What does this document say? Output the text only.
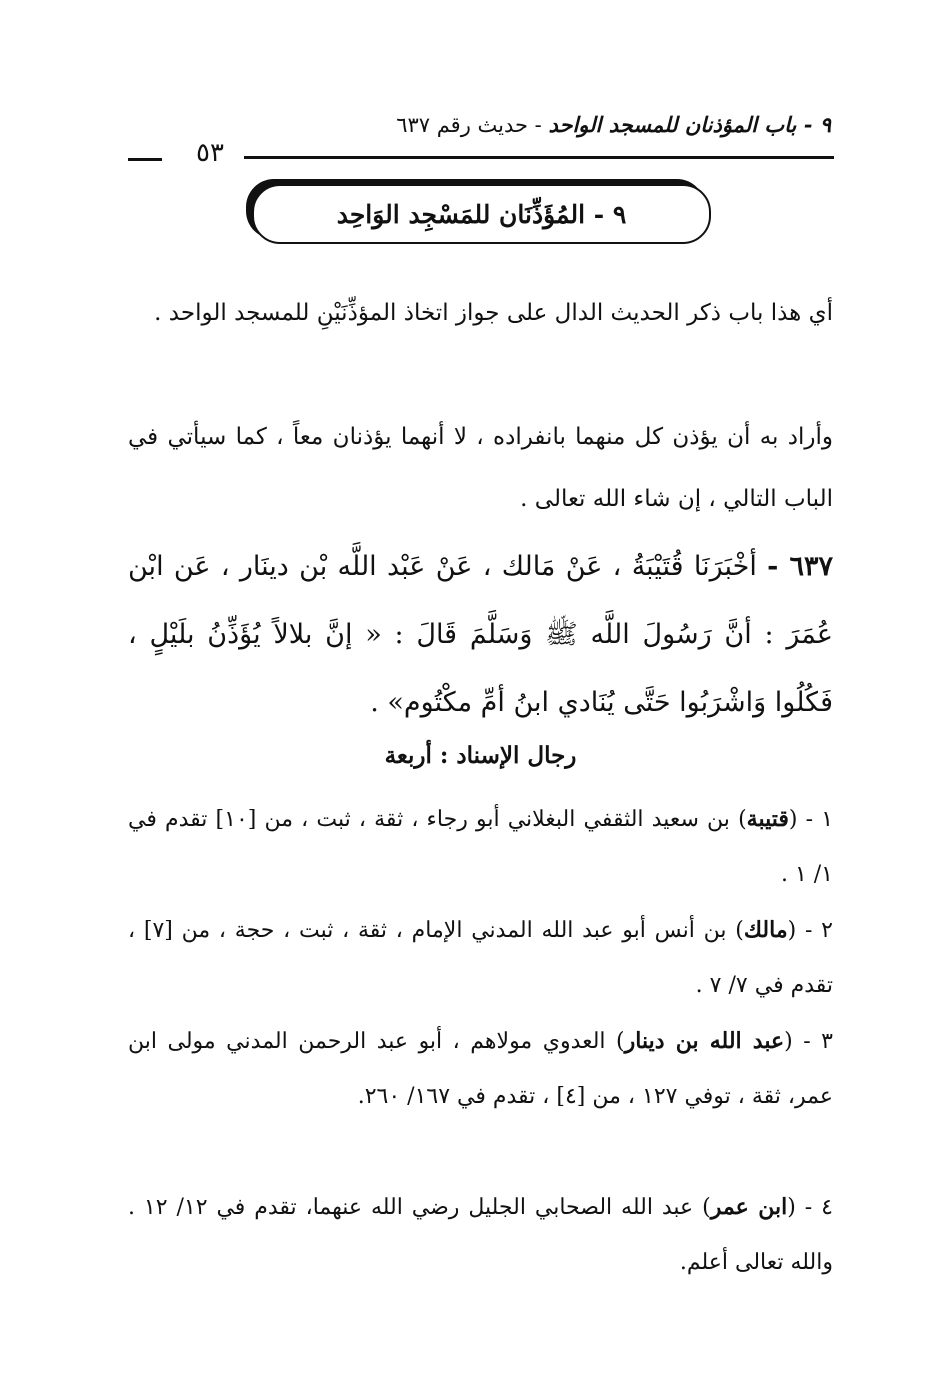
٩ - باب المؤذنان للمسجد الواحد - حديث رقم ٦٣٧
٥٣
٩ - المُؤَذِّنَان للمَسْجِد الوَاحِد
أي هذا باب ذكر الحديث الدال على جواز اتخاذ المؤذِّنَيْنِ للمسجد الواحد .
وأراد به أن يؤذن كل منهما بانفراده ، لا أنهما يؤذنان معاً ، كما سيأتي في الباب التالي ، إن شاء الله تعالى .
٦٣٧ - أخْبَرَنَا قُتَيْبَةُ ، عَنْ مَالك ، عَنْ عَبْد اللَّه بْن دينَار ، عَن ابْن عُمَرَ : أنَّ رَسُولَ اللَّه ﷺ وَسَلَّمَ قَالَ : « إنَّ بلالاً يُؤَذِّنُ بلَيْلٍ ، فَكُلُوا وَاشْرَبُوا حَتَّى يُنَادي ابنُ أمِّ مكْتُوم» .
رجال الإسناد : أربعة
١ - (قتيبة) بن سعيد الثقفي البغلاني أبو رجاء ، ثقة ، ثبت ، من [١٠] تقدم في ١/ ١ .
٢ - (مالك) بن أنس أبو عبد الله المدني الإمام ، ثقة ، ثبت ، حجة ، من [٧] ، تقدم في ٧/ ٧ .
٣ - (عبد الله بن دينار) العدوي مولاهم ، أبو عبد الرحمن المدني مولى ابن عمر، ثقة ، توفي ١٢٧ ، من [٤] ، تقدم في ١٦٧/ ٢٦٠.
٤ - (ابن عمر) عبد الله الصحابي الجليل رضي الله عنهما، تقدم في ١٢/ ١٢ . والله تعالى أعلم.
